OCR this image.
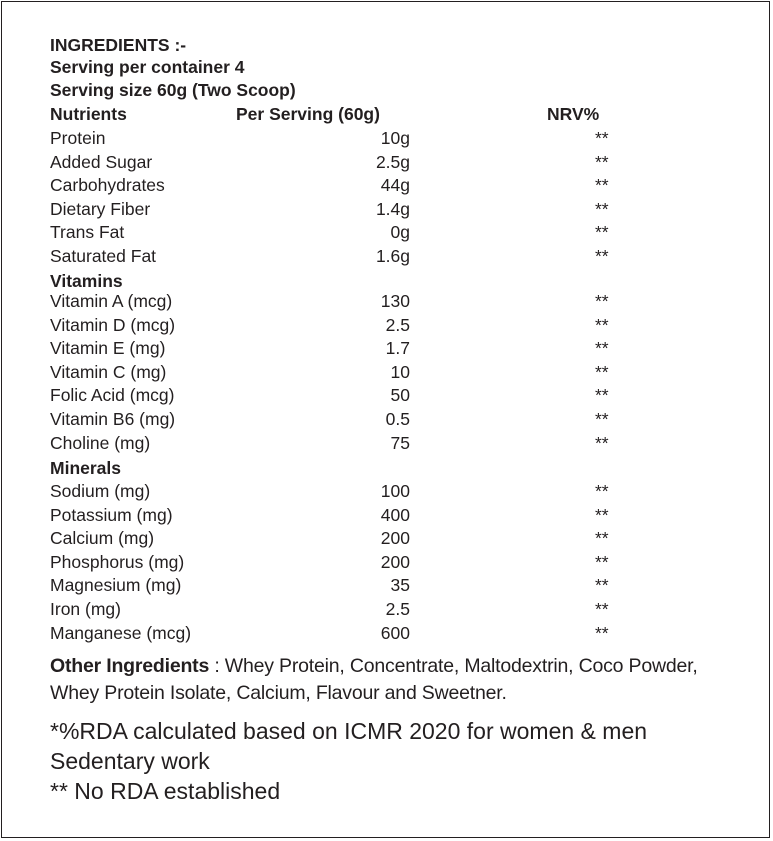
INGREDIENTS :-
Serving per container 4
Serving size 60g (Two Scoop)
Nutrients	Per Serving (60g)	NRV%
Protein	10g	**
Added Sugar	2.5g	**
Carbohydrates	44g	**
Dietary Fiber	1.4g	**
Trans Fat	0g	**
Saturated Fat	1.6g	**
Vitamins
Vitamin A (mcg)	130	**
Vitamin D (mcg)	2.5	**
Vitamin E (mg)	1.7	**
Vitamin C (mg)	10	**
Folic Acid (mcg)	50	**
Vitamin B6 (mg)	0.5	**
Choline (mg)	75	**
Minerals
Sodium (mg)	100	**
Potassium (mg)	400	**
Calcium (mg)	200	**
Phosphorus (mg)	200	**
Magnesium (mg)	35	**
Iron (mg)	2.5	**
Manganese (mcg)	600	**
Other Ingredients : Whey Protein, Concentrate, Maltodextrin, Coco Powder, Whey Protein Isolate, Calcium, Flavour and Sweetner.
*%RDA calculated based on ICMR 2020 for women & men
Sedentary work
** No RDA established
